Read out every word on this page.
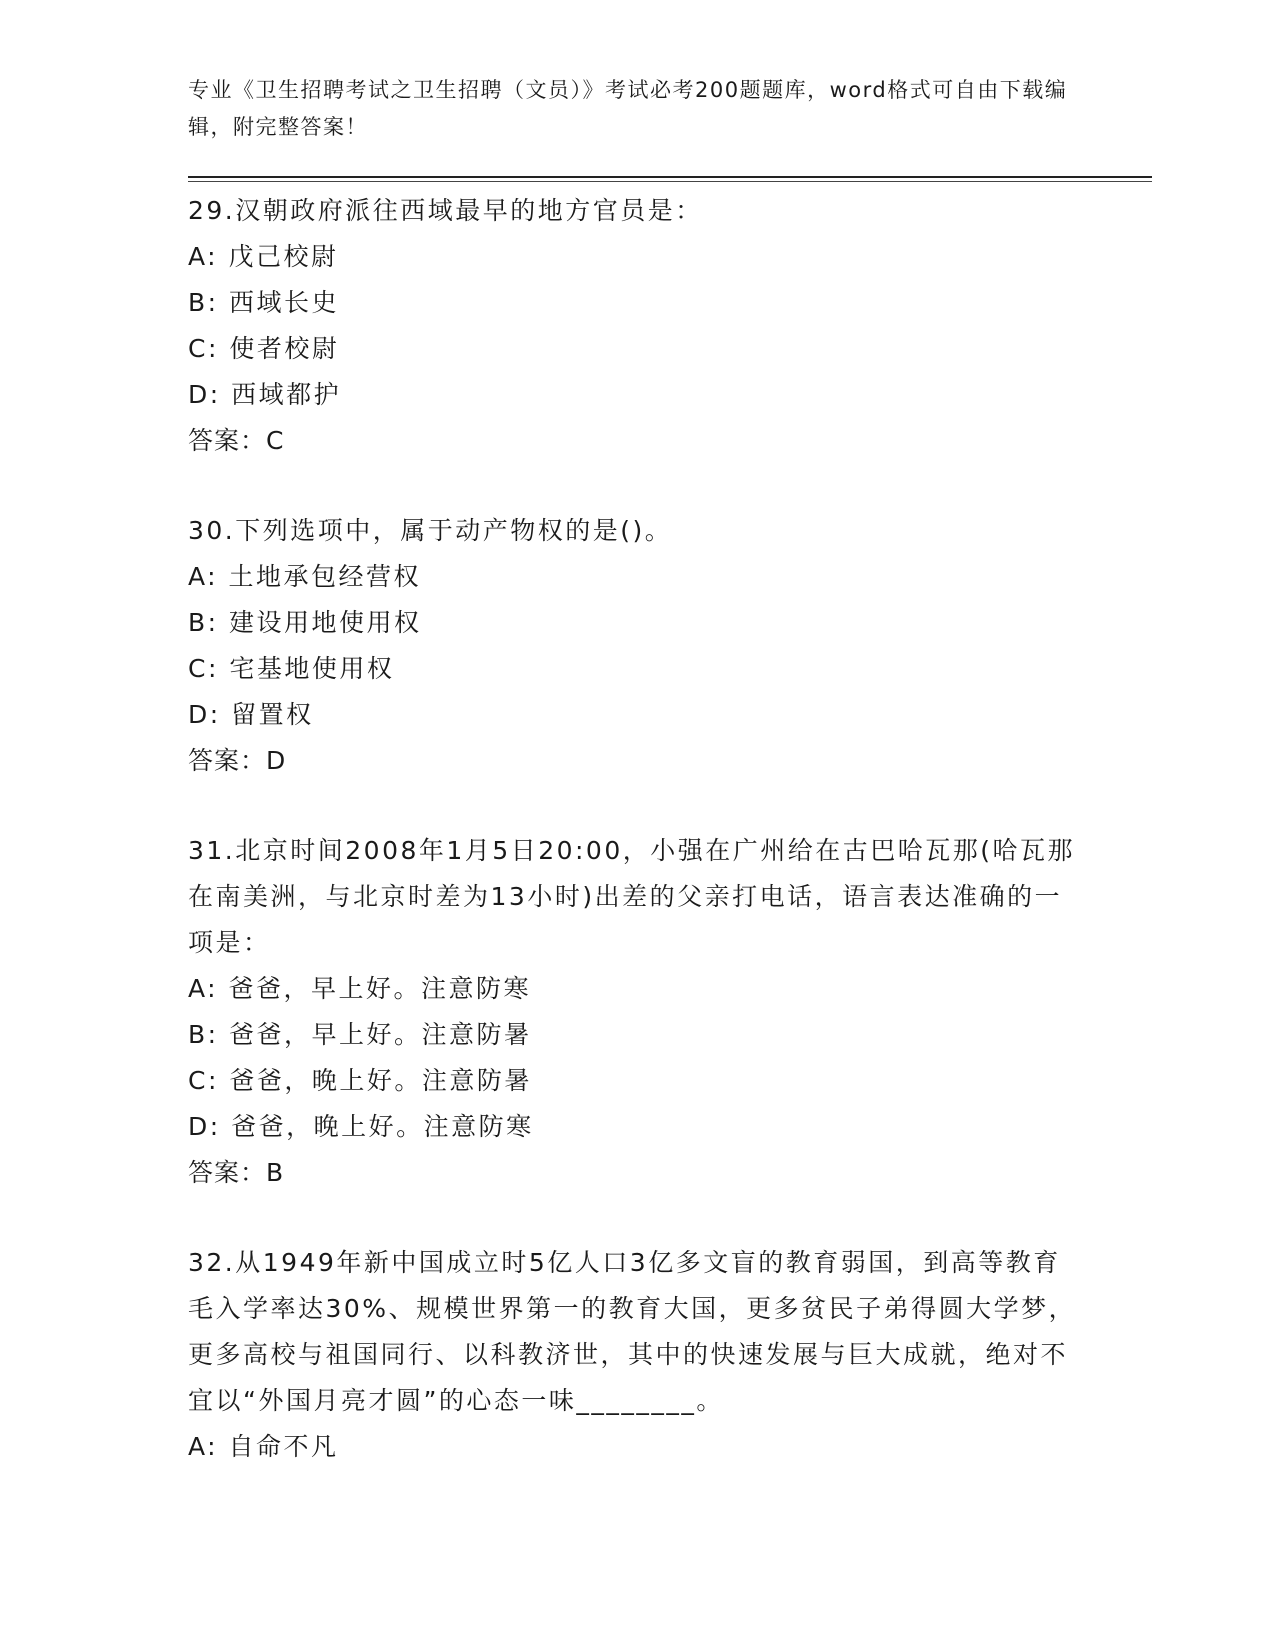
专业《卫生招聘考试之卫生招聘（文员）》考试必考200题题库，word格式可自由下载编辑，附完整答案！
29.汉朝政府派往西域最早的地方官员是：
A: 戊己校尉
B: 西域长史
C: 使者校尉
D: 西域都护
答案：C
30.下列选项中，属于动产物权的是()。
A: 土地承包经营权
B: 建设用地使用权
C: 宅基地使用权
D: 留置权
答案：D
31.北京时间2008年1月5日20:00，小强在广州给在古巴哈瓦那(哈瓦那在南美洲，与北京时差为13小时)出差的父亲打电话，语言表达准确的一项是：
A: 爸爸，早上好。注意防寒
B: 爸爸，早上好。注意防暑
C: 爸爸，晚上好。注意防暑
D: 爸爸，晚上好。注意防寒
答案：B
32.从1949年新中国成立时5亿人口3亿多文盲的教育弱国，到高等教育毛入学率达30%、规模世界第一的教育大国，更多贫民子弟得圆大学梦，更多高校与祖国同行、以科教济世，其中的快速发展与巨大成就，绝对不宜以“外国月亮才圆”的心态一味________。
A: 自命不凡
